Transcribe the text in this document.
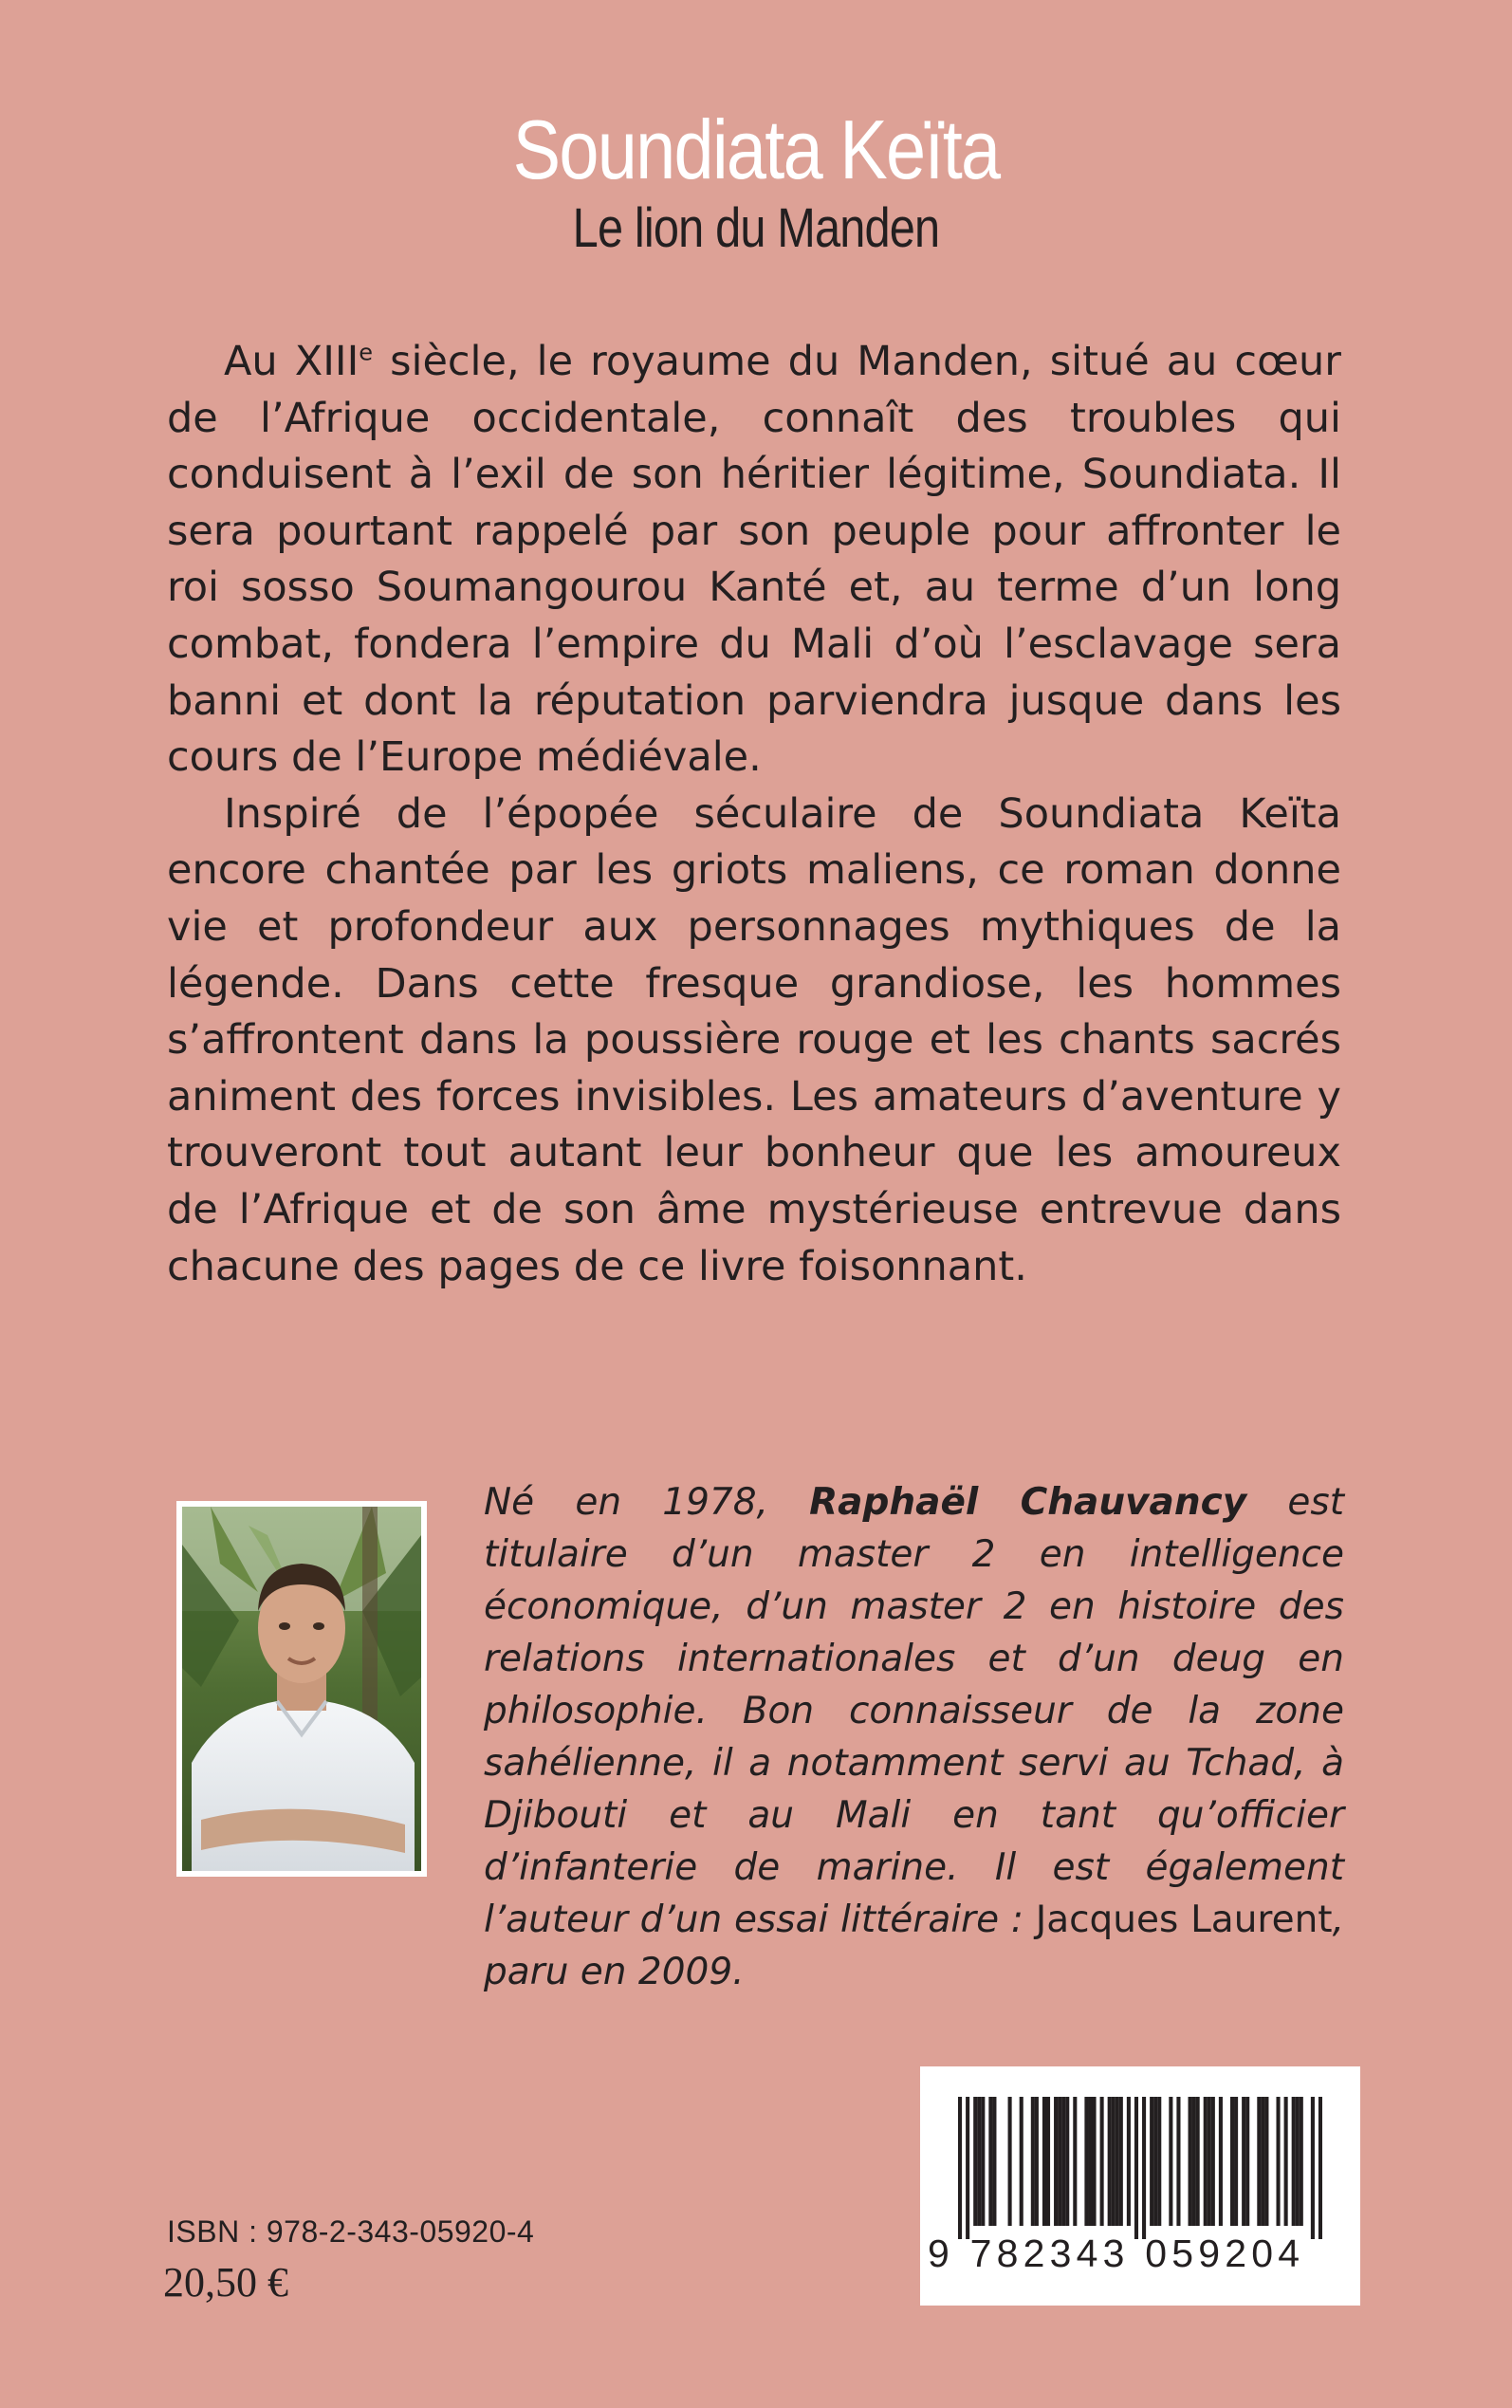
Soundiata Keïta
Le lion du Manden

Au XIIIe siècle, le royaume du Manden, situé au cœur de l’Afrique occidentale, connaît des troubles qui conduisent à l’exil de son héritier légitime, Soundiata. Il sera pourtant rappelé par son peuple pour affronter le roi sosso Soumangourou Kanté et, au terme d’un long combat, fondera l’empire du Mali d’où l’esclavage sera banni et dont la réputation parviendra jusque dans les cours de l’Europe médiévale.

Inspiré de l’épopée séculaire de Soundiata Keïta encore chantée par les griots maliens, ce roman donne vie et profondeur aux personnages mythiques de la légende. Dans cette fresque grandiose, les hommes s’affrontent dans la poussière rouge et les chants sacrés animent des forces invisibles. Les amateurs d’aventure y trouveront tout autant leur bonheur que les amoureux de l’Afrique et de son âme mystérieuse entrevue dans chacune des pages de ce livre foisonnant.

Né en 1978, Raphaël Chauvancy est titulaire d’un master 2 en intelligence économique, d’un master 2 en histoire des relations internationales et d’un deug en philosophie. Bon connaisseur de la zone sahélienne, il a notamment servi au Tchad, à Djibouti et au Mali en tant qu’officier d’infanterie de marine. Il est également l’auteur d’un essai littéraire : Jacques Laurent, paru en 2009.
ISBN : 978-2-343-05920-4
20,50 €
9 782343 059204
